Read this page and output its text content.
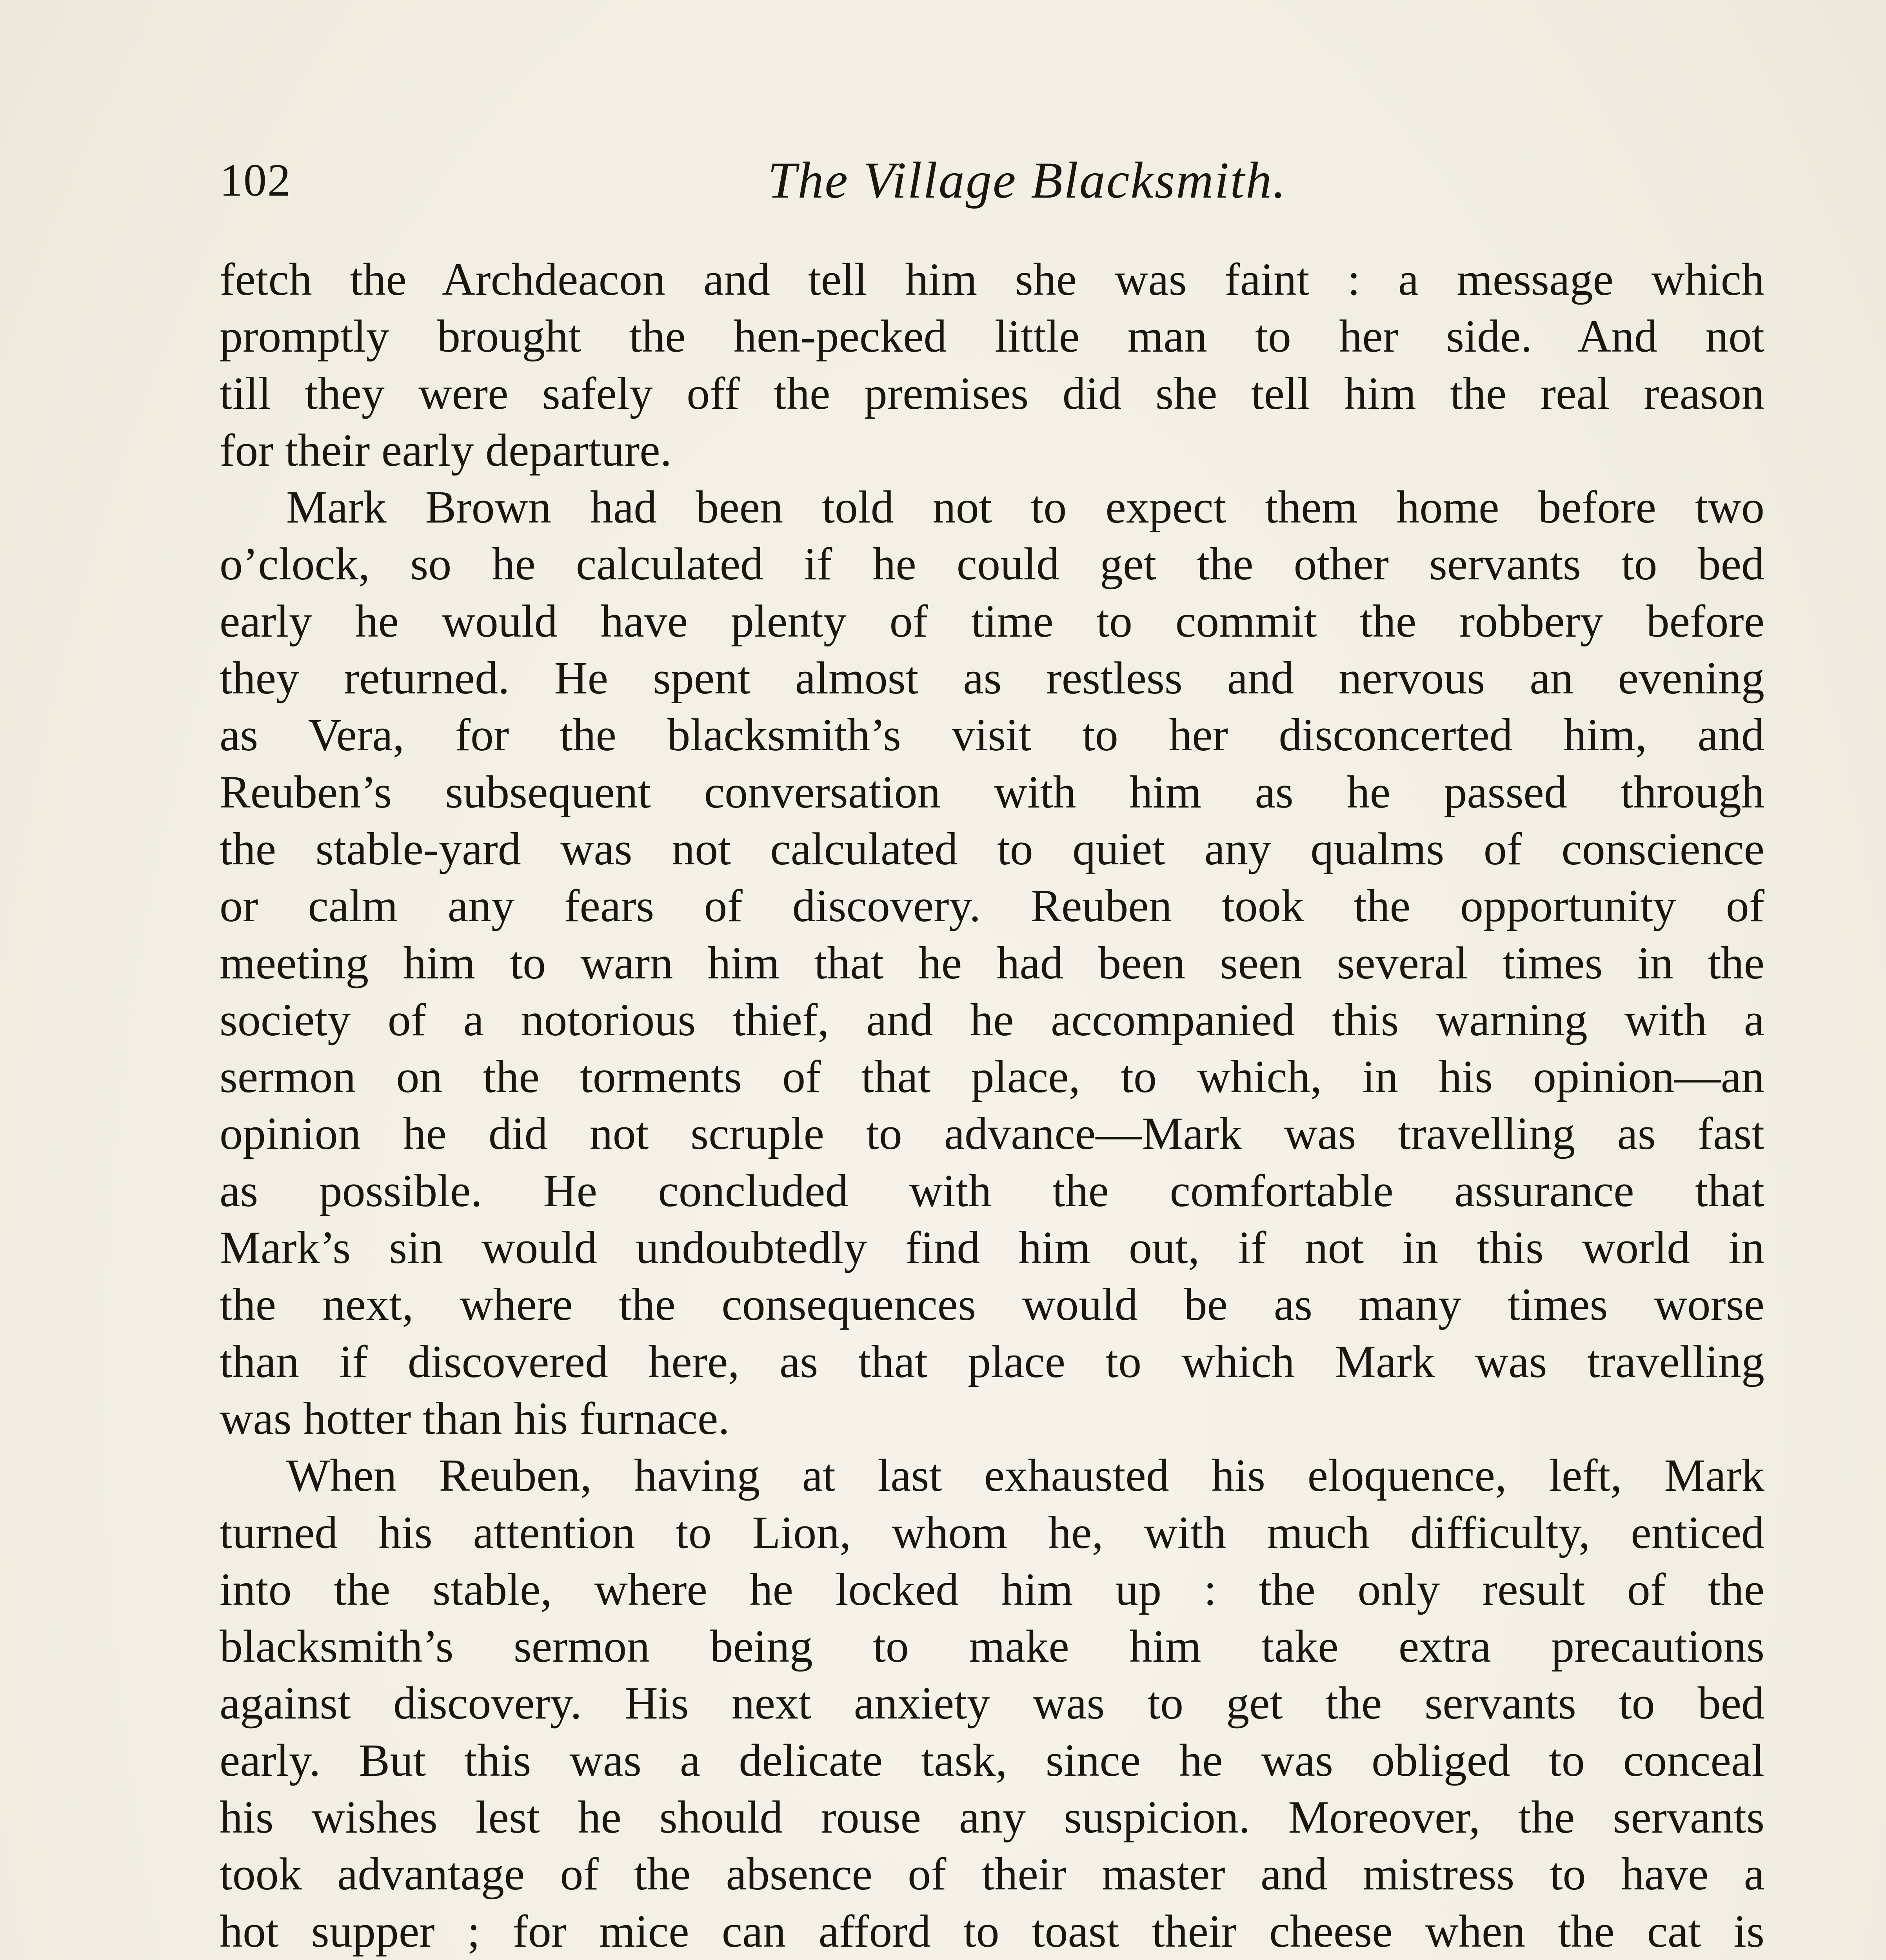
102	The Village Blacksmith.
fetch the Archdeacon and tell him she was faint : a message which
promptly brought the hen-pecked little man to her side. And not
till they were safely off the premises did she tell him the real reason
for their early departure.
Mark Brown had been told not to expect them home before two
o’clock, so he calculated if he could get the other servants to bed
early he would have plenty of time to commit the robbery before
they returned. He spent almost as restless and nervous an evening
as Vera, for the blacksmith’s visit to her disconcerted him, and
Reuben’s subsequent conversation with him as he passed through
the stable-yard was not calculated to quiet any qualms of conscience
or calm any fears of discovery. Reuben took the opportunity of
meeting him to warn him that he had been seen several times in the
society of a notorious thief, and he accompanied this warning with a
sermon on the torments of that place, to which, in his opinion—an
opinion he did not scruple to advance—Mark was travelling as fast
as possible. He concluded with the comfortable assurance that
Mark’s sin would undoubtedly find him out, if not in this world in
the next, where the consequences would be as many times worse
than if discovered here, as that place to which Mark was travelling
was hotter than his furnace.
When Reuben, having at last exhausted his eloquence, left, Mark
turned his attention to Lion, whom he, with much difficulty, enticed
into the stable, where he locked him up : the only result of the
blacksmith’s sermon being to make him take extra precautions
against discovery. His next anxiety was to get the servants to bed
early. But this was a delicate task, since he was obliged to conceal
his wishes lest he should rouse any suspicion. Moreover, the servants
took advantage of the absence of their master and mistress to have a
hot supper ; for mice can afford to toast their cheese when the cat is
